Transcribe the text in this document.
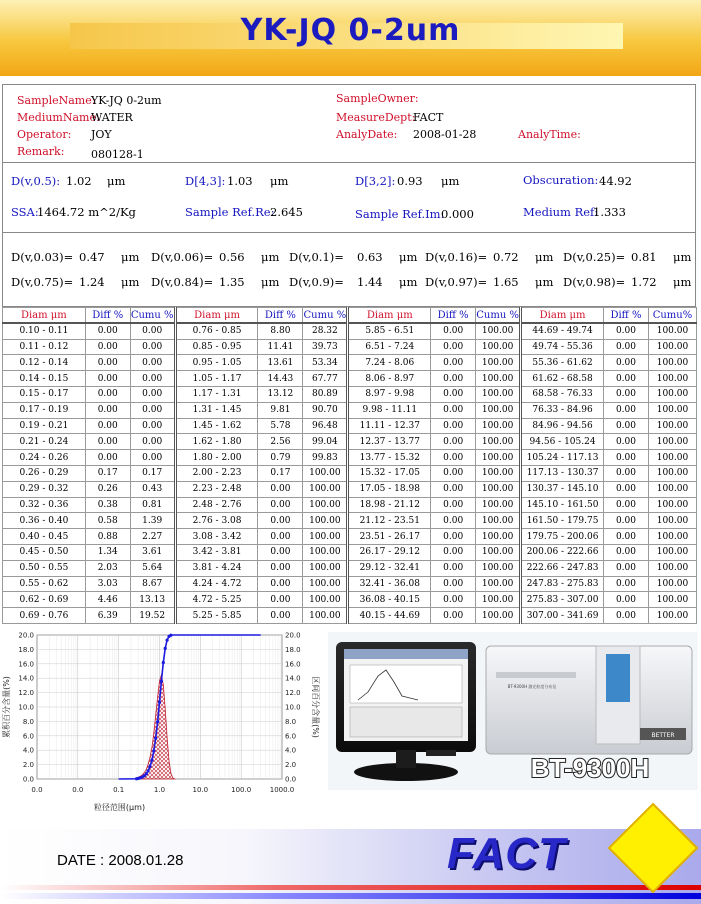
YK-JQ 0-2um
SampleName:
YK-JQ 0-2um	SampleOwner:
MediumName:
WATER	MeasureDept:
FACT
Operator: JOY	AnalyDate: 2008-01-28	AnalyTime:
Remark: 080128-1
D(v,0.5): 1.02 μm	D[4,3]: 1.03 μm	D[3,2]: 0.93 μm	Obscuration: 44.92
SSA:
1464.72 m^2/Kg	Sample Ref.Re:
2.645	Sample Ref.Im:
0.000	Medium Ref:
1.333
D(v,0.03)= 0.47 μm D(v,0.06)= 0.56 μm D(v,0.1)= 0.63 μm D(v,0.16)= 0.72 μm D(v,0.25)= 0.81 μm
D(v,0.75)= 1.24 μm D(v,0.84)= 1.35 μm D(v,0.9)= 1.44 μm D(v,0.97)= 1.65 μm D(v,0.98)= 1.72 μm
Diam μm	Diff %	Cumu %	Diam μm	Diff %	Cumu %	Diam μm	Diff %	Cumu %	Diam μm	Diff %	Cumu%
0.10 - 0.11	0.00	0.00	0.76 - 0.85	8.80	28.32	5.85 - 6.51	0.00	100.00	44.69 - 49.74	0.00	100.00
0.11 - 0.12	0.00	0.00	0.85 - 0.95	11.41	39.73	6.51 - 7.24	0.00	100.00	49.74 - 55.36	0.00	100.00
0.12 - 0.14	0.00	0.00	0.95 - 1.05	13.61	53.34	7.24 - 8.06	0.00	100.00	55.36 - 61.62	0.00	100.00
0.14 - 0.15	0.00	0.00	1.05 - 1.17	14.43	67.77	8.06 - 8.97	0.00	100.00	61.62 - 68.58	0.00	100.00
0.15 - 0.17	0.00	0.00	1.17 - 1.31	13.12	80.89	8.97 - 9.98	0.00	100.00	68.58 - 76.33	0.00	100.00
0.17 - 0.19	0.00	0.00	1.31 - 1.45	9.81	90.70	9.98 - 11.11	0.00	100.00	76.33 - 84.96	0.00	100.00
0.19 - 0.21	0.00	0.00	1.45 - 1.62	5.78	96.48	11.11 - 12.37	0.00	100.00	84.96 - 94.56	0.00	100.00
0.21 - 0.24	0.00	0.00	1.62 - 1.80	2.56	99.04	12.37 - 13.77	0.00	100.00	94.56 - 105.24	0.00	100.00
0.24 - 0.26	0.00	0.00	1.80 - 2.00	0.79	99.83	13.77 - 15.32	0.00	100.00	105.24 - 117.13	0.00	100.00
0.26 - 0.29	0.17	0.17	2.00 - 2.23	0.17	100.00	15.32 - 17.05	0.00	100.00	117.13 - 130.37	0.00	100.00
0.29 - 0.32	0.26	0.43	2.23 - 2.48	0.00	100.00	17.05 - 18.98	0.00	100.00	130.37 - 145.10	0.00	100.00
0.32 - 0.36	0.38	0.81	2.48 - 2.76	0.00	100.00	18.98 - 21.12	0.00	100.00	145.10 - 161.50	0.00	100.00
0.36 - 0.40	0.58	1.39	2.76 - 3.08	0.00	100.00	21.12 - 23.51	0.00	100.00	161.50 - 179.75	0.00	100.00
0.40 - 0.45	0.88	2.27	3.08 - 3.42	0.00	100.00	23.51 - 26.17	0.00	100.00	179.75 - 200.06	0.00	100.00
0.45 - 0.50	1.34	3.61	3.42 - 3.81	0.00	100.00	26.17 - 29.12	0.00	100.00	200.06 - 222.66	0.00	100.00
0.50 - 0.55	2.03	5.64	3.81 - 4.24	0.00	100.00	29.12 - 32.41	0.00	100.00	222.66 - 247.83	0.00	100.00
0.55 - 0.62	3.03	8.67	4.24 - 4.72	0.00	100.00	32.41 - 36.08	0.00	100.00	247.83 - 275.83	0.00	100.00
0.62 - 0.69	4.46	13.13	4.72 - 5.25	0.00	100.00	36.08 - 40.15	0.00	100.00	275.83 - 307.00	0.00	100.00
0.69 - 0.76	6.39	19.52	5.25 - 5.85	0.00	100.00	40.15 - 44.69	0.00	100.00	307.00 - 341.69	0.00	100.00
0.0	0.0	0.1	1.0	10.0	100.0	1000.0
0.0	0.0
2.0	2.0
4.0	4.0
6.0	6.0
8.0	8.0
10.0	10.0
12.0	12.0
14.0	14.0
16.0	16.0
18.0	18.0
20.0	20.0
粒径范围(μm)
累积百分含量(%)	区间百分含量(%)	BT-9300H 激光粒度分布仪
BETTER
BT-9300H
DATE : 2008.01.28	FACT
